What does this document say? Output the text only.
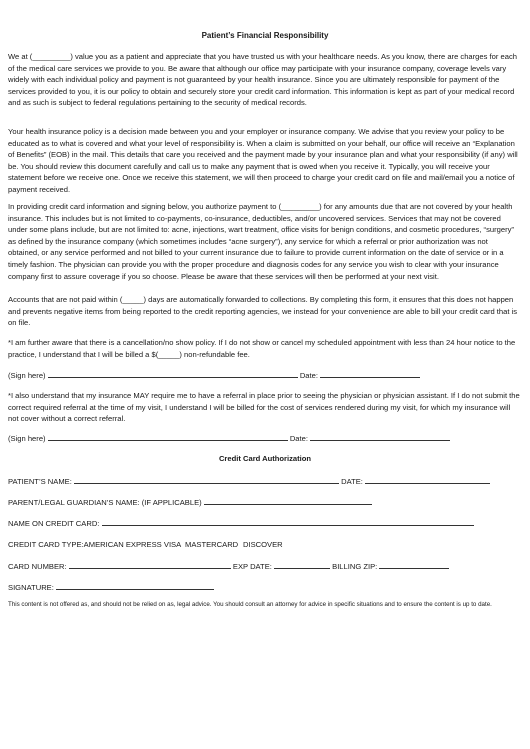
Patient’s Financial Responsibility

We at (_________) value you as a patient and appreciate that you have trusted us with your healthcare needs. As you know, there are charges for each of the medical care services we provide to you. Be aware that although our office may participate with your insurance company, coverage levels vary widely with each individual policy and payment is not guaranteed by your health insurance. Since you are ultimately responsible for payment of the services provided to you, it is our policy to obtain and securely store your credit card information. This information is kept as part of your medical record and as such is subject to federal regulations pertaining to the security of medical records.

Your health insurance policy is a decision made between you and your employer or insurance company. We advise that you review your policy to be educated as to what is covered and what your level of responsibility is. When a claim is submitted on your behalf, our office will receive an “Explanation of Benefits” (EOB) in the mail. This details that care you received and the payment made by your insurance plan and what your responsibility (if any) will be. You should review this document carefully and call us to make any payment that is owed when you receive it. Typically, you will receive your statement before we receive one. Once we receive this statement, we will then proceed to charge your credit card on file and mail/email you a notice of payment received.

In providing credit card information and signing below, you authorize payment to (_________) for any amounts due that are not covered by your health insurance. This includes but is not limited to co-payments, co-insurance, deductibles, and/or uncovered services. Services that may not be covered under some plans include, but are not limited to: acne, injections, wart treatment, office visits for benign conditions, and cosmetic procedures, “surgery” as defined by the insurance company (which sometimes includes “acne surgery”), any service for which a referral or prior authorization was not obtained, or any service performed and not billed to your current insurance due to failure to provide current information on the date of service or in a timely fashion. The physician can provide you with the proper procedure and diagnosis codes for any service you wish to clear with your insurance company first to assure coverage if you so choose. Please be aware that these services will then be performed at your next visit.

Accounts that are not paid within (_____) days are automatically forwarded to collections. By completing this form, it ensures that this does not happen and prevents negative items from being reported to the credit reporting agencies, we instead for your convenience are able to bill your credit card that is on file.

*I am further aware that there is a cancellation/no show policy. If I do not show or cancel my scheduled appointment with less than 24 hour notice to the practice, I understand that I will be billed a $(_____) non-refundable fee.

(Sign here)	Date:

*I also understand that my insurance MAY require me to have a referral in place prior to seeing the physician or physician assistant. If I do not submit the correct required referral at the time of my visit, I understand I will be billed for the cost of services rendered during my visit, for which my insurance will not cover without a correct referral.

(Sign here)	Date:
Credit Card Authorization
PATIENT’S NAME:	DATE:
PARENT/LEGAL GUARDIAN’S NAME: (IF APPLICABLE)
NAME ON CREDIT CARD:
CREDIT CARD TYPE:AMERICAN EXPRESS VISA MASTERCARD DISCOVER
CARD NUMBER:	EXP DATE:	BILLING ZIP:
SIGNATURE:
This content is not offered as, and should not be relied on as, legal advice. You should consult an attorney for advice in specific situations and to ensure the content is up to date.
